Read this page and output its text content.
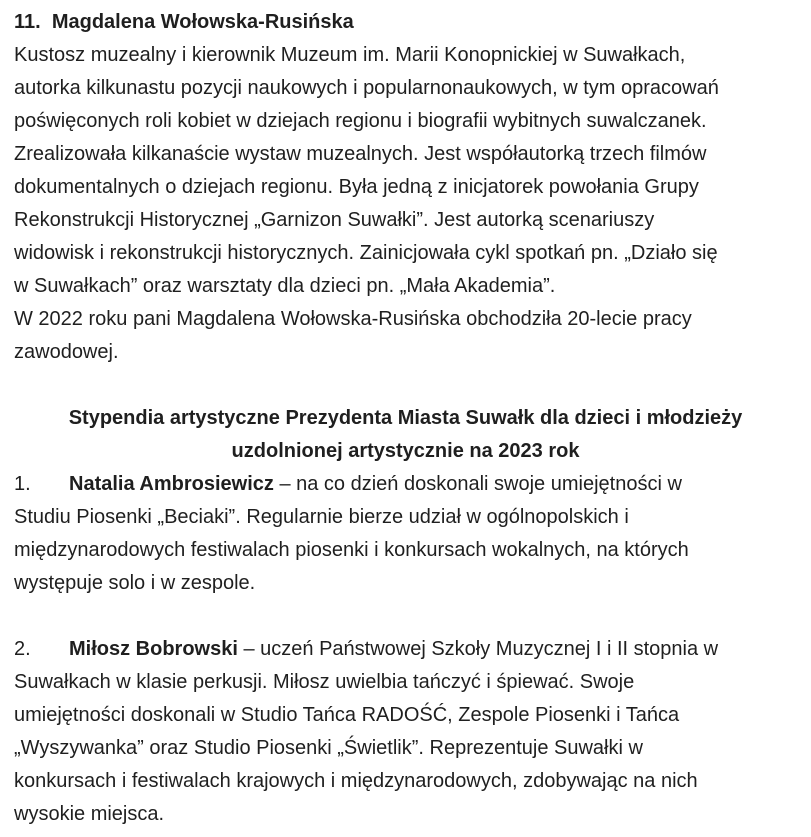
11. Magdalena Wołowska-Rusińska

Kustosz muzealny i kierownik Muzeum im. Marii Konopnickiej w Suwałkach,

autorka kilkunastu pozycji naukowych i popularnonaukowych, w tym opracowań

poświęconych roli kobiet w dziejach regionu i biografii wybitnych suwalczanek.

Zrealizowała kilkanaście wystaw muzealnych. Jest współautorką trzech filmów

dokumentalnych o dziejach regionu. Była jedną z inicjatorek powołania Grupy

Rekonstrukcji Historycznej „Garnizon Suwałki”. Jest autorką scenariuszy

widowisk i rekonstrukcji historycznych. Zainicjowała cykl spotkań pn. „Działo się

w Suwałkach” oraz warsztaty dla dzieci pn. „Mała Akademia”.

W 2022 roku pani Magdalena Wołowska-Rusińska obchodziła 20-lecie pracy

zawodowej.

Stypendia artystyczne Prezydenta Miasta Suwałk dla dzieci i młodzieży

uzdolnionej artystycznie na 2023 rok

1. Natalia Ambrosiewicz – na co dzień doskonali swoje umiejętności w

Studiu Piosenki „Beciaki”. Regularnie bierze udział w ogólnopolskich i

międzynarodowych festiwalach piosenki i konkursach wokalnych, na których

występuje solo i w zespole.

2. Miłosz Bobrowski – uczeń Państwowej Szkoły Muzycznej I i II stopnia w

Suwałkach w klasie perkusji. Miłosz uwielbia tańczyć i śpiewać. Swoje

umiejętności doskonali w Studio Tańca RADOŚĆ, Zespole Piosenki i Tańca

„Wyszywanka” oraz Studio Piosenki „Świetlik”. Reprezentuje Suwałki w

konkursach i festiwalach krajowych i międzynarodowych, zdobywając na nich

wysokie miejsca.
